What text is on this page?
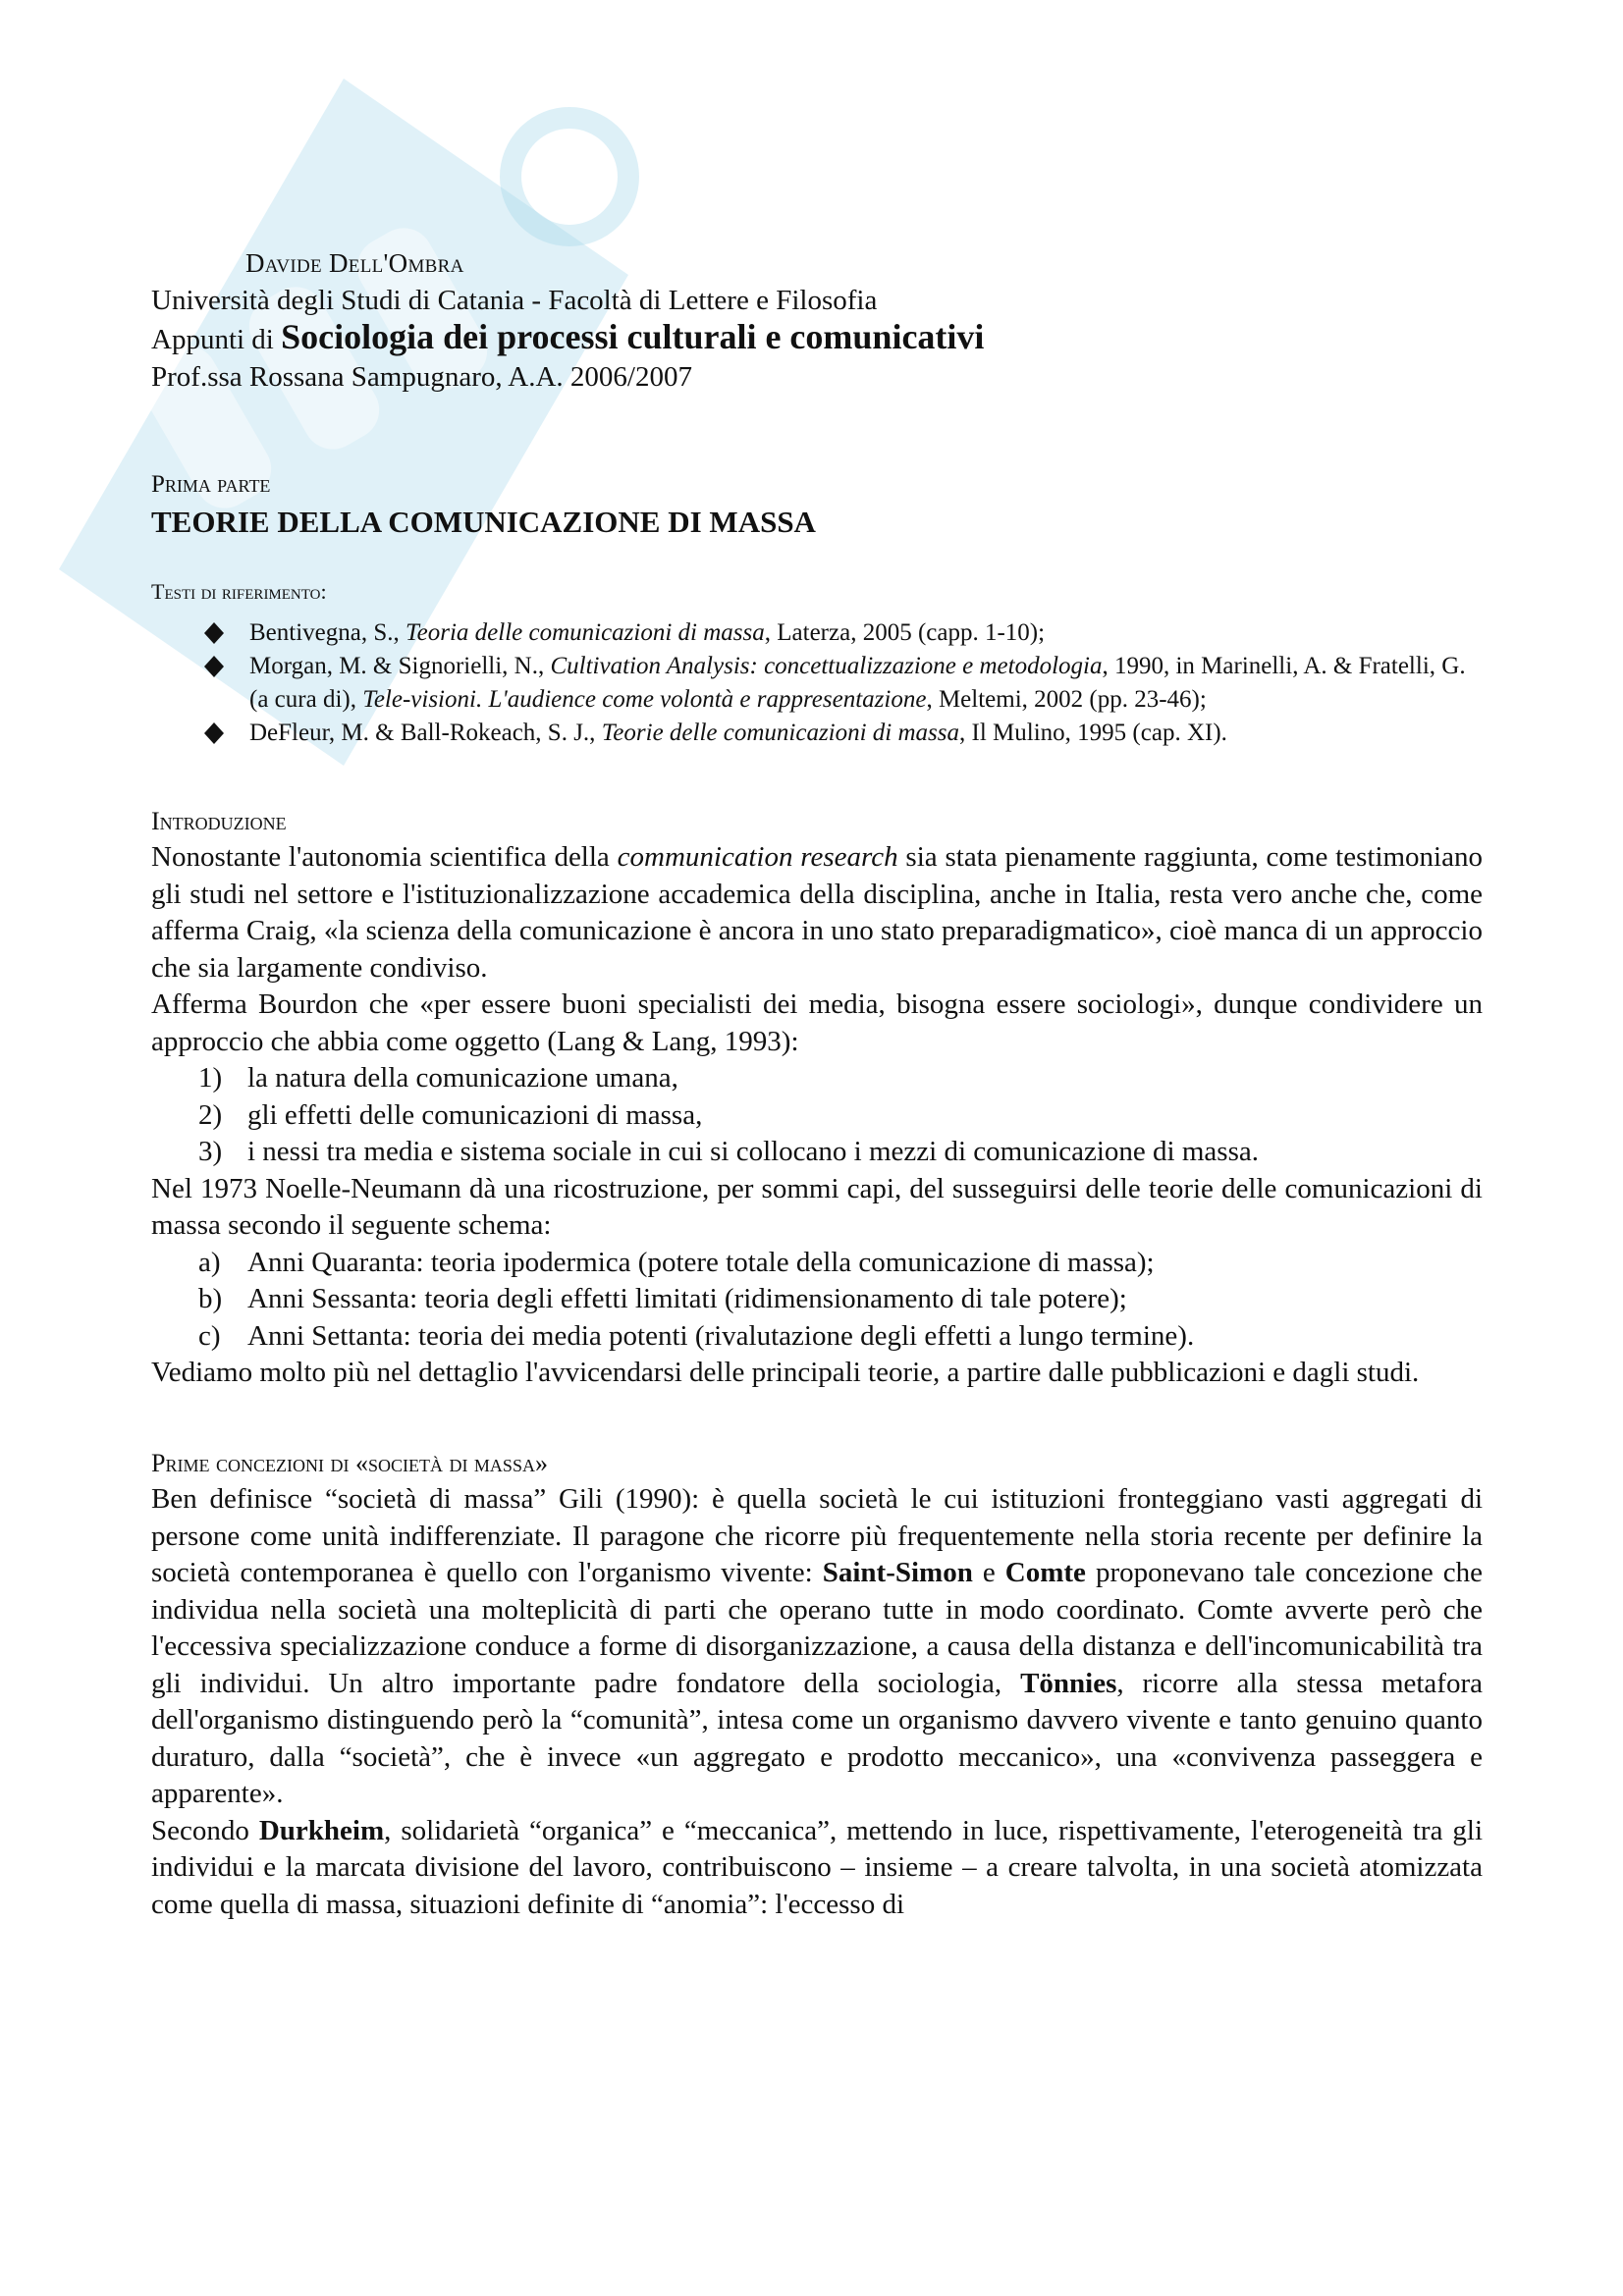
Davide Dell'Ombra
Università degli Studi di Catania - Facoltà di Lettere e Filosofia
Appunti di Sociologia dei processi culturali e comunicativi
Prof.ssa Rossana Sampugnaro, A.A. 2006/2007
Prima parte
TEORIE DELLA COMUNICAZIONE DI MASSA
Testi di riferimento:
Bentivegna, S., Teoria delle comunicazioni di massa, Laterza, 2005 (capp. 1-10);
Morgan, M. & Signorielli, N., Cultivation Analysis: concettualizzazione e metodologia, 1990, in Marinelli, A. & Fratelli, G. (a cura di), Tele-visioni. L'audience come volontà e rappresentazione, Meltemi, 2002 (pp. 23-46);
DeFleur, M. & Ball-Rokeach, S. J., Teorie delle comunicazioni di massa, Il Mulino, 1995 (cap. XI).
Introduzione

Nonostante l'autonomia scientifica della communication research sia stata pienamente raggiunta, come testimoniano gli studi nel settore e l'istituzionalizzazione accademica della disciplina, anche in Italia, resta vero anche che, come afferma Craig, «la scienza della comunicazione è ancora in uno stato preparadigmatico», cioè manca di un approccio che sia largamente condiviso.

Afferma Bourdon che «per essere buoni specialisti dei media, bisogna essere sociologi», dunque condividere un approccio che abbia come oggetto (Lang & Lang, 1993):

1) la natura della comunicazione umana,
2) gli effetti delle comunicazioni di massa,
3) i nessi tra media e sistema sociale in cui si collocano i mezzi di comunicazione di massa.

Nel 1973 Noelle-Neumann dà una ricostruzione, per sommi capi, del susseguirsi delle teorie delle comunicazioni di massa secondo il seguente schema:

a) Anni Quaranta: teoria ipodermica (potere totale della comunicazione di massa);
b) Anni Sessanta: teoria degli effetti limitati (ridimensionamento di tale potere);
c) Anni Settanta: teoria dei media potenti (rivalutazione degli effetti a lungo termine).

Vediamo molto più nel dettaglio l'avvicendarsi delle principali teorie, a partire dalle pubblicazioni e dagli studi.

Prime concezioni di «società di massa»

Ben definisce “società di massa” Gili (1990): è quella società le cui istituzioni fronteggiano vasti aggregati di persone come unità indifferenziate. Il paragone che ricorre più frequentemente nella storia recente per definire la società contemporanea è quello con l'organismo vivente: Saint-Simon e Comte proponevano tale concezione che individua nella società una molteplicità di parti che operano tutte in modo coordinato. Comte avverte però che l'eccessiva specializzazione conduce a forme di disorganizzazione, a causa della distanza e dell'incomunicabilità tra gli individui. Un altro importante padre fondatore della sociologia, Tönnies, ricorre alla stessa metafora dell'organismo distinguendo però la “comunità”, intesa come un organismo davvero vivente e tanto genuino quanto duraturo, dalla “società”, che è invece «un aggregato e prodotto meccanico», una «convivenza passeggera e apparente».

Secondo Durkheim, solidarietà “organica” e “meccanica”, mettendo in luce, rispettivamente, l'eterogeneità tra gli individui e la marcata divisione del lavoro, contribuiscono – insieme – a creare talvolta, in una società atomizzata come quella di massa, situazioni definite di “anomia”: l'eccesso di
